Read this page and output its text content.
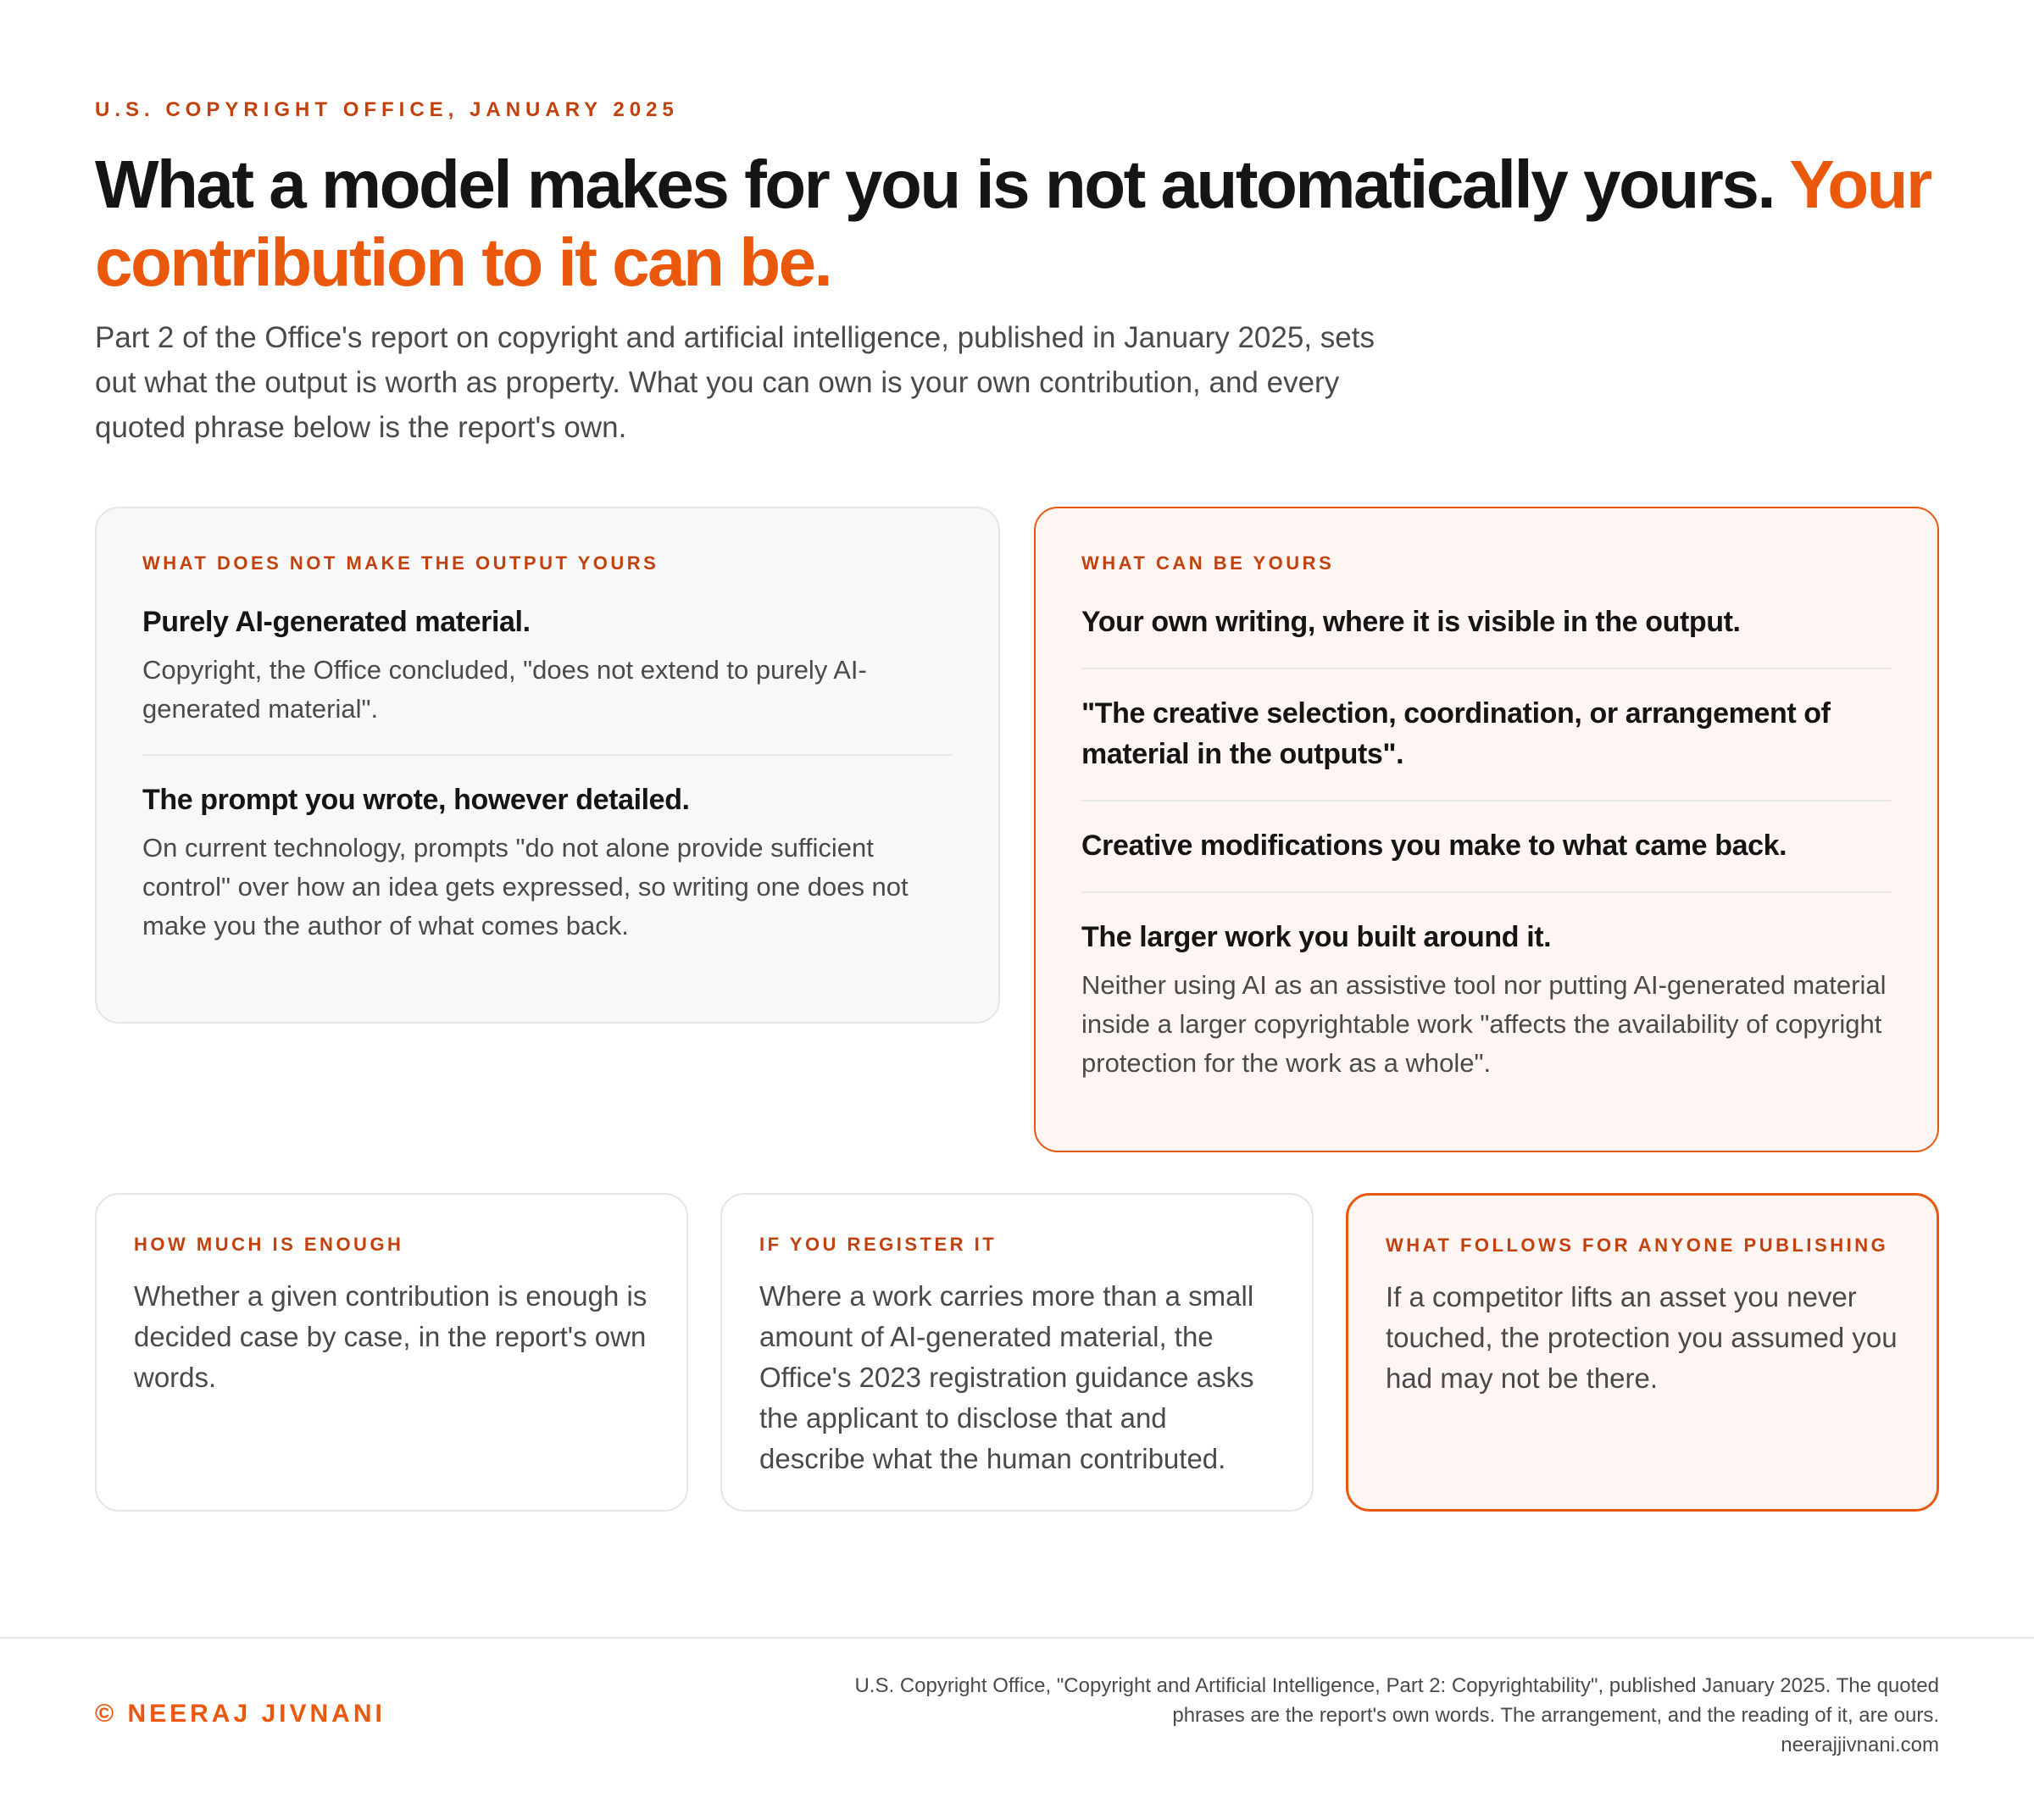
U.S. COPYRIGHT OFFICE, JANUARY 2025
What a model makes for you is not automatically yours. Your contribution to it can be.

Part 2 of the Office's report on copyright and artificial intelligence, published in January 2025, sets out what the output is worth as property. What you can own is your own contribution, and every quoted phrase below is the report's own.

WHAT DOES NOT MAKE THE OUTPUT YOURS
Purely AI-generated material.
Copyright, the Office concluded, "does not extend to purely AI-generated material".
The prompt you wrote, however detailed.
On current technology, prompts "do not alone provide sufficient control" over how an idea gets expressed, so writing one does not make you the author of what comes back.
WHAT CAN BE YOURS
Your own writing, where it is visible in the output.
"The creative selection, coordination, or arrangement of material in the outputs".
Creative modifications you make to what came back.
The larger work you built around it.
Neither using AI as an assistive tool nor putting AI-generated material inside a larger copyrightable work "affects the availability of copyright protection for the work as a whole".
HOW MUCH IS ENOUGH
Whether a given contribution is enough is decided case by case, in the report's own words.
IF YOU REGISTER IT
Where a work carries more than a small amount of AI-generated material, the Office's 2023 registration guidance asks the applicant to disclose that and describe what the human contributed.
WHAT FOLLOWS FOR ANYONE PUBLISHING
If a competitor lifts an asset you never touched, the protection you assumed you had may not be there.
© NEERAJ JIVNANI
U.S. Copyright Office, "Copyright and Artificial Intelligence, Part 2: Copyrightability", published January 2025. The quoted
phrases are the report's own words. The arrangement, and the reading of it, are ours.
neerajjivnani.com
